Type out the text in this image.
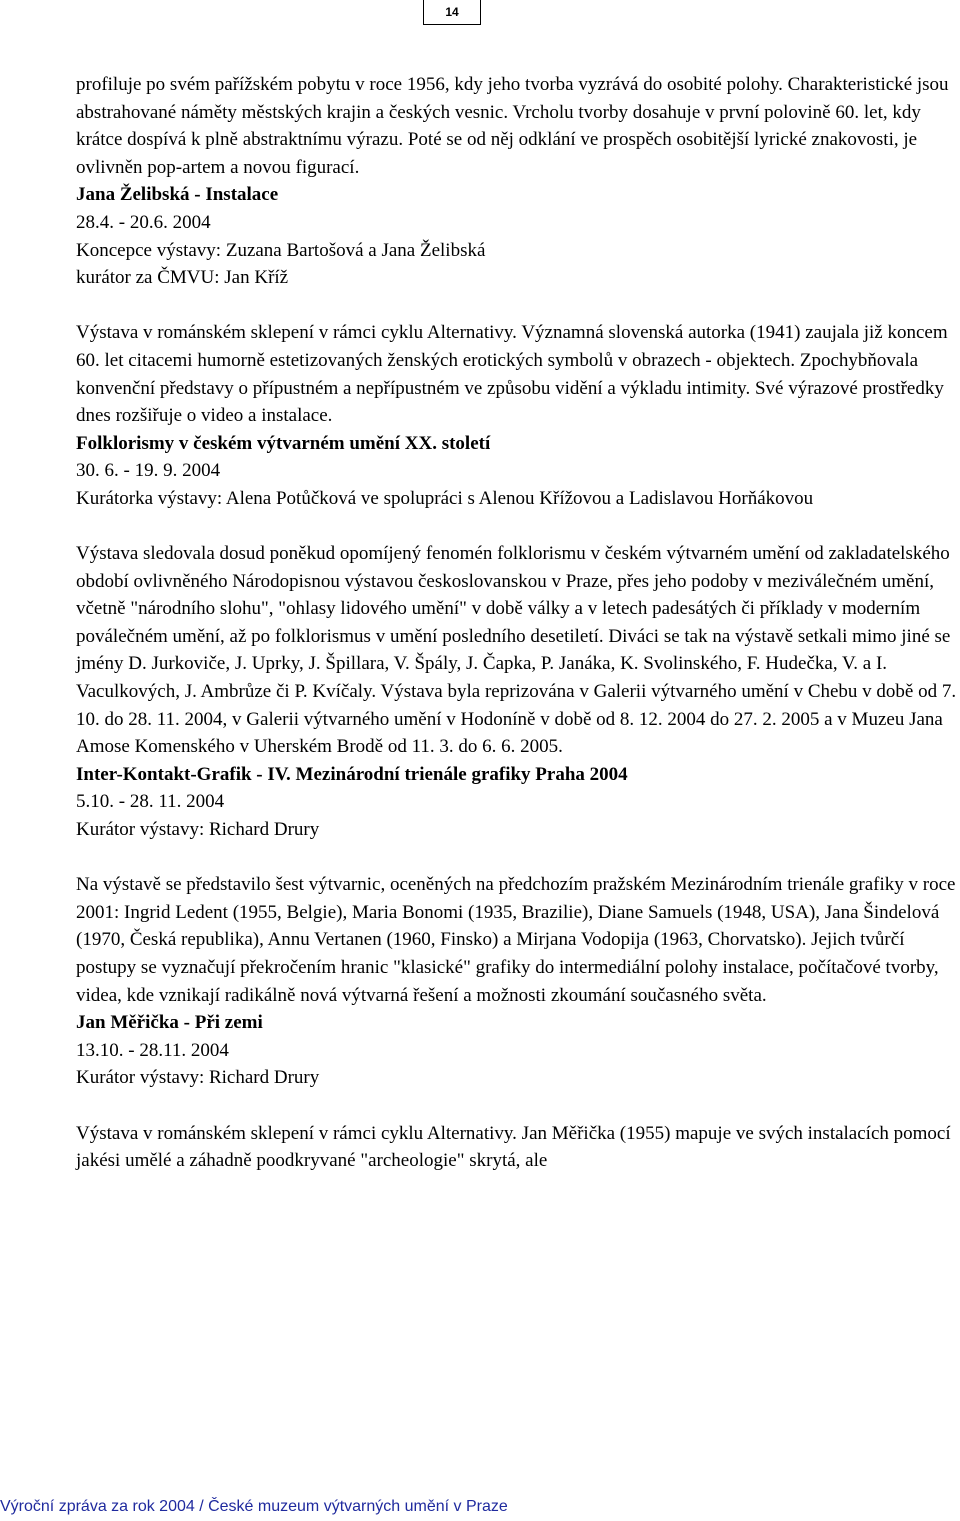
14

profiluje po svém pařížském pobytu v roce 1956, kdy jeho tvorba vyzrává do osobité polohy. Charakteristické jsou abstrahované náměty městských krajin a českých vesnic. Vrcholu tvorby dosahuje v první polovině 60. let, kdy krátce dospívá k plně abstraktnímu výrazu. Poté se od něj odklání ve prospěch osobitější lyrické znakovosti, je ovlivněn pop-artem a novou figurací.

Jana Želibská - Instalace

28.4. - 20.6. 2004

Koncepce výstavy: Zuzana Bartošová a Jana Želibská

kurátor za ČMVU: Jan Kříž

Výstava v románském sklepení v rámci cyklu Alternativy. Významná slovenská autorka (1941) zaujala již koncem 60. let citacemi humorně estetizovaných ženských erotických symbolů v obrazech - objektech. Zpochybňovala konvenční představy o přípustném a nepřípustném ve způsobu vidění a výkladu intimity. Své výrazové prostředky dnes rozšiřuje o video a instalace.

Folklorismy v českém výtvarném umění XX. století

30. 6. - 19. 9. 2004

Kurátorka výstavy: Alena Potůčková ve spolupráci s Alenou Křížovou a Ladislavou Horňákovou

Výstava sledovala dosud poněkud opomíjený fenomén folklorismu v českém výtvarném umění od zakladatelského období ovlivněného Národopisnou výstavou českoslovanskou v Praze, přes jeho podoby v meziválečném umění, včetně "národního slohu", "ohlasy lidového umění" v době války a v letech padesátých či příklady v moderním poválečném umění, až po folklorismus v umění posledního desetiletí. Diváci se tak na výstavě setkali mimo jiné se jmény D. Jurkoviče, J. Uprky, J. Špillara, V. Špály, J. Čapka, P. Janáka, K. Svolinského, F. Hudečka, V. a I. Vaculkových, J. Ambrůze či P. Kvíčaly. Výstava byla reprizována v Galerii výtvarného umění v Chebu v době od 7. 10. do 28. 11. 2004, v Galerii výtvarného umění v Hodoníně v době od 8. 12. 2004 do 27. 2. 2005 a v Muzeu Jana Amose Komenského v Uherském Brodě od 11. 3. do 6. 6. 2005.

Inter-Kontakt-Grafik - IV. Mezinárodní trienále grafiky Praha 2004

5.10. - 28. 11. 2004

Kurátor výstavy: Richard Drury

Na výstavě se představilo šest výtvarnic, oceněných na předchozím pražském Mezinárodním trienále grafiky v roce 2001: Ingrid Ledent (1955, Belgie), Maria Bonomi (1935, Brazilie), Diane Samuels (1948, USA), Jana Šindelová (1970, Česká republika), Annu Vertanen (1960, Finsko) a Mirjana Vodopija (1963, Chorvatsko). Jejich tvůrčí postupy se vyznačují překročením hranic "klasické" grafiky do intermediální polohy instalace, počítačové tvorby, videa, kde vznikají radikálně nová výtvarná řešení a možnosti zkoumání současného světa.

Jan Měřička - Při zemi

13.10. - 28.11. 2004

Kurátor výstavy: Richard Drury

Výstava v románském sklepení v rámci cyklu Alternativy. Jan Měřička (1955) mapuje ve svých instalacích pomocí jakési umělé a záhadně poodkryvané "archeologie" skrytá, ale

Výroční zpráva za rok 2004 / České muzeum výtvarných umění v Praze
